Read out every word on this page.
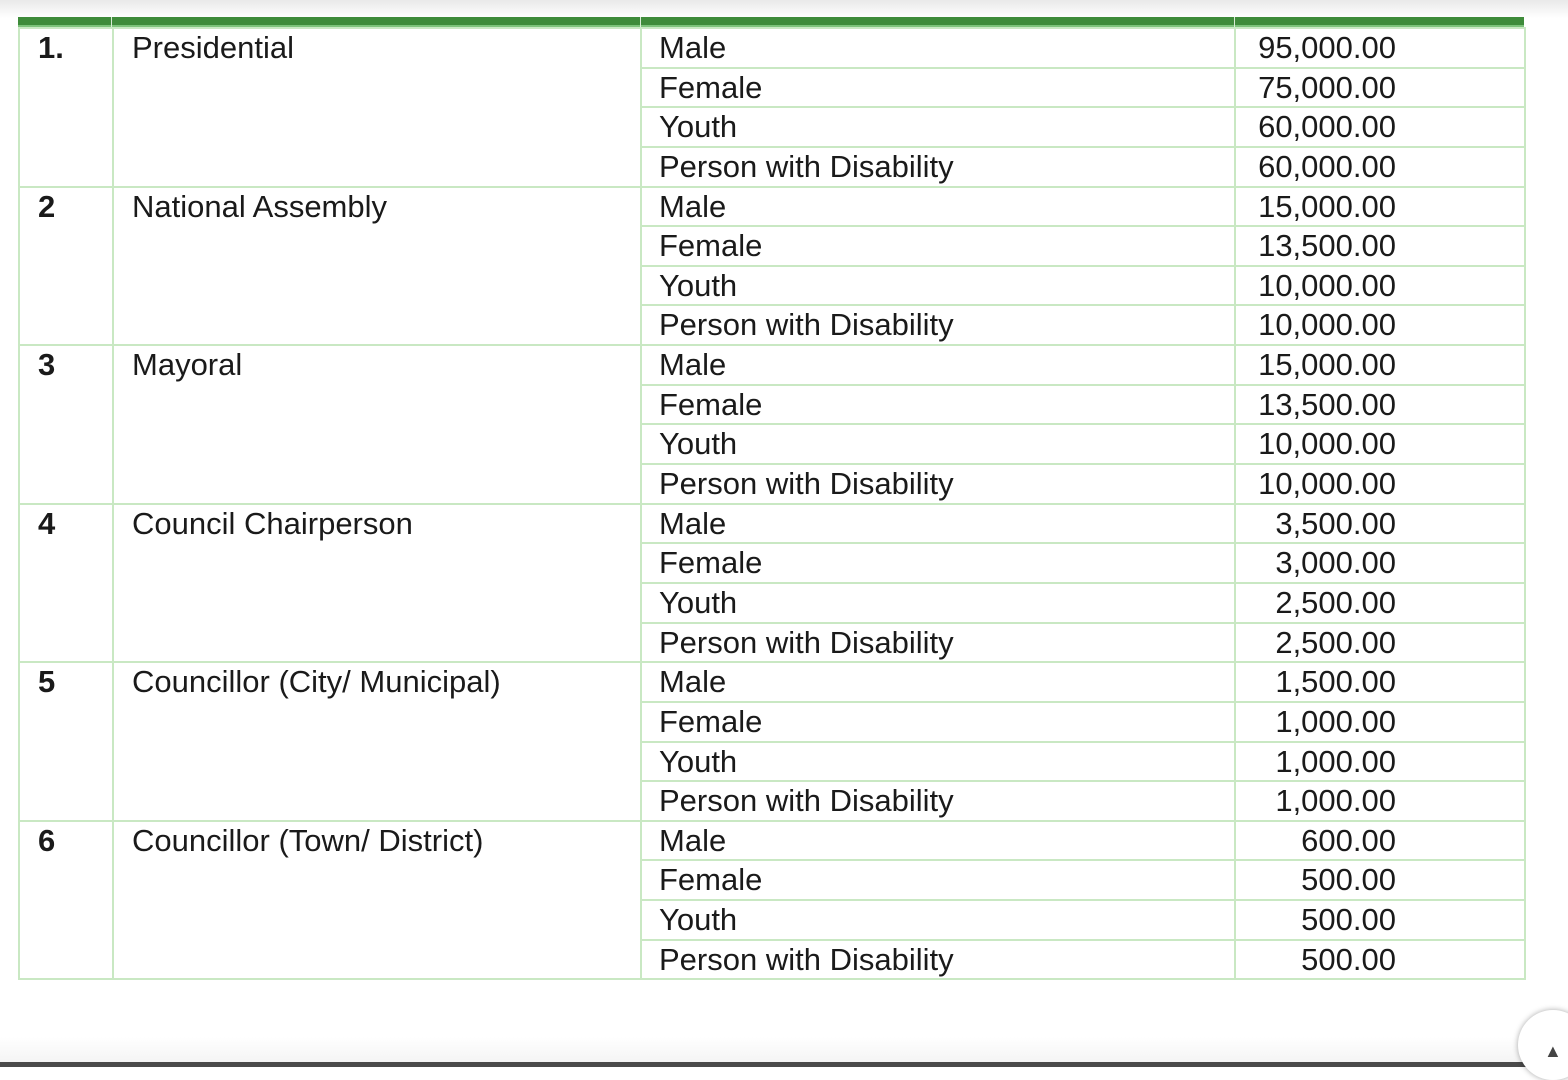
1.	Presidential	Male	95,000.00
		Female	75,000.00
		Youth	60,000.00
		Person with Disability	60,000.00
2	National Assembly	Male	15,000.00
		Female	13,500.00
		Youth	10,000.00
		Person with Disability	10,000.00
3	Mayoral	Male	15,000.00
		Female	13,500.00
		Youth	10,000.00
		Person with Disability	10,000.00
4	Council Chairperson	Male	3,500.00
		Female	3,000.00
		Youth	2,500.00
		Person with Disability	2,500.00
5	Councillor (City/ Municipal)	Male	1,500.00
		Female	1,000.00
		Youth	1,000.00
		Person with Disability	1,000.00
6	Councillor (Town/ District)	Male	600.00
		Female	500.00
		Youth	500.00
		Person with Disability	500.00
▲
